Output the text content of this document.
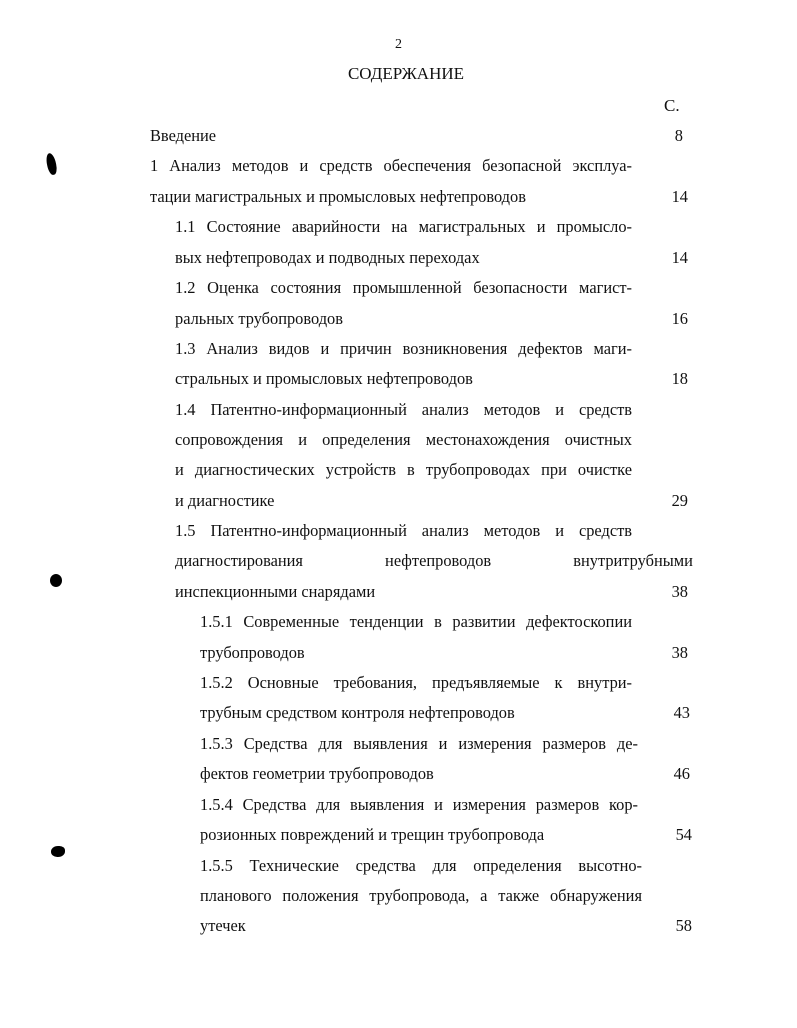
2
СОДЕРЖАНИЕ
С.
Введение	8
1 Анализ методов и средств обеспечения безопасной эксплуа-
тации магистральных и промысловых нефтепроводов	14
1.1 Состояние аварийности на магистральных и промысло-
вых нефтепроводах и подводных переходах	14
1.2 Оценка состояния промышленной безопасности магист-
ральных трубопроводов	16
1.3 Анализ видов и причин возникновения дефектов маги-
стральных и промысловых нефтепроводов	18
1.4 Патентно-информационный анализ методов и средств
сопровождения и определения местонахождения очистных
и диагностических устройств в трубопроводах при очистке
и диагностике	29
1.5 Патентно-информационный анализ методов и средств
диагностирования нефтепроводов внутритрубными
инспекционными снарядами	38
1.5.1 Современные тенденции в развитии дефектоскопии
трубопроводов	38
1.5.2 Основные требования, предъявляемые к внутри-
трубным средством контроля нефтепроводов	43
1.5.3 Средства для выявления и измерения размеров де-
фектов геометрии трубопроводов	46
1.5.4 Средства для выявления и измерения размеров кор-
розионных повреждений и трещин трубопровода	54
1.5.5 Технические средства для определения высотно-
планового положения трубопровода, а также обнаружения
утечек	58
